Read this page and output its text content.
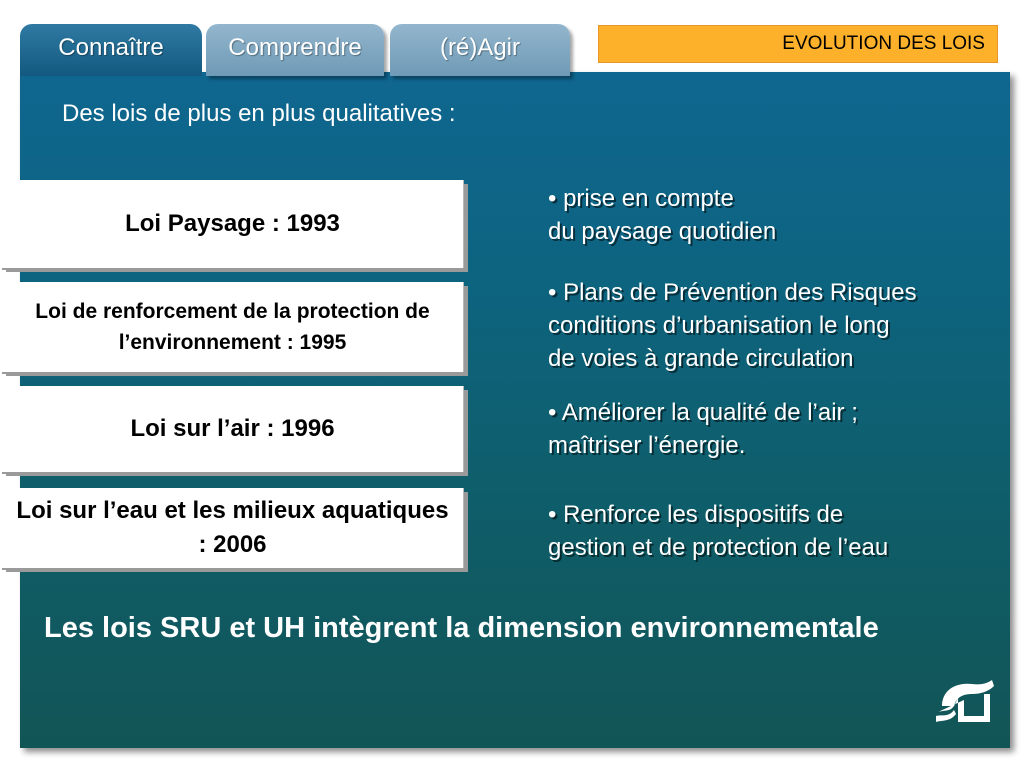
Connaître	Comprendre	(ré)Agir	EVOLUTION DES LOIS
Des lois de plus en plus qualitatives :
Loi Paysage : 1993
Loi de renforcement de la protection de l’environnement : 1995
Loi sur l’air : 1996
Loi sur l’eau et les milieux aquatiques : 2006
• prise en compte
du paysage quotidien
• Plans de Prévention des Risques
conditions d’urbanisation le long
de voies à grande circulation
• Améliorer la qualité de l’air ;
maîtriser l’énergie.
• Renforce les dispositifs de
gestion et de protection de l’eau
Les lois SRU et UH intègrent la dimension environnementale
